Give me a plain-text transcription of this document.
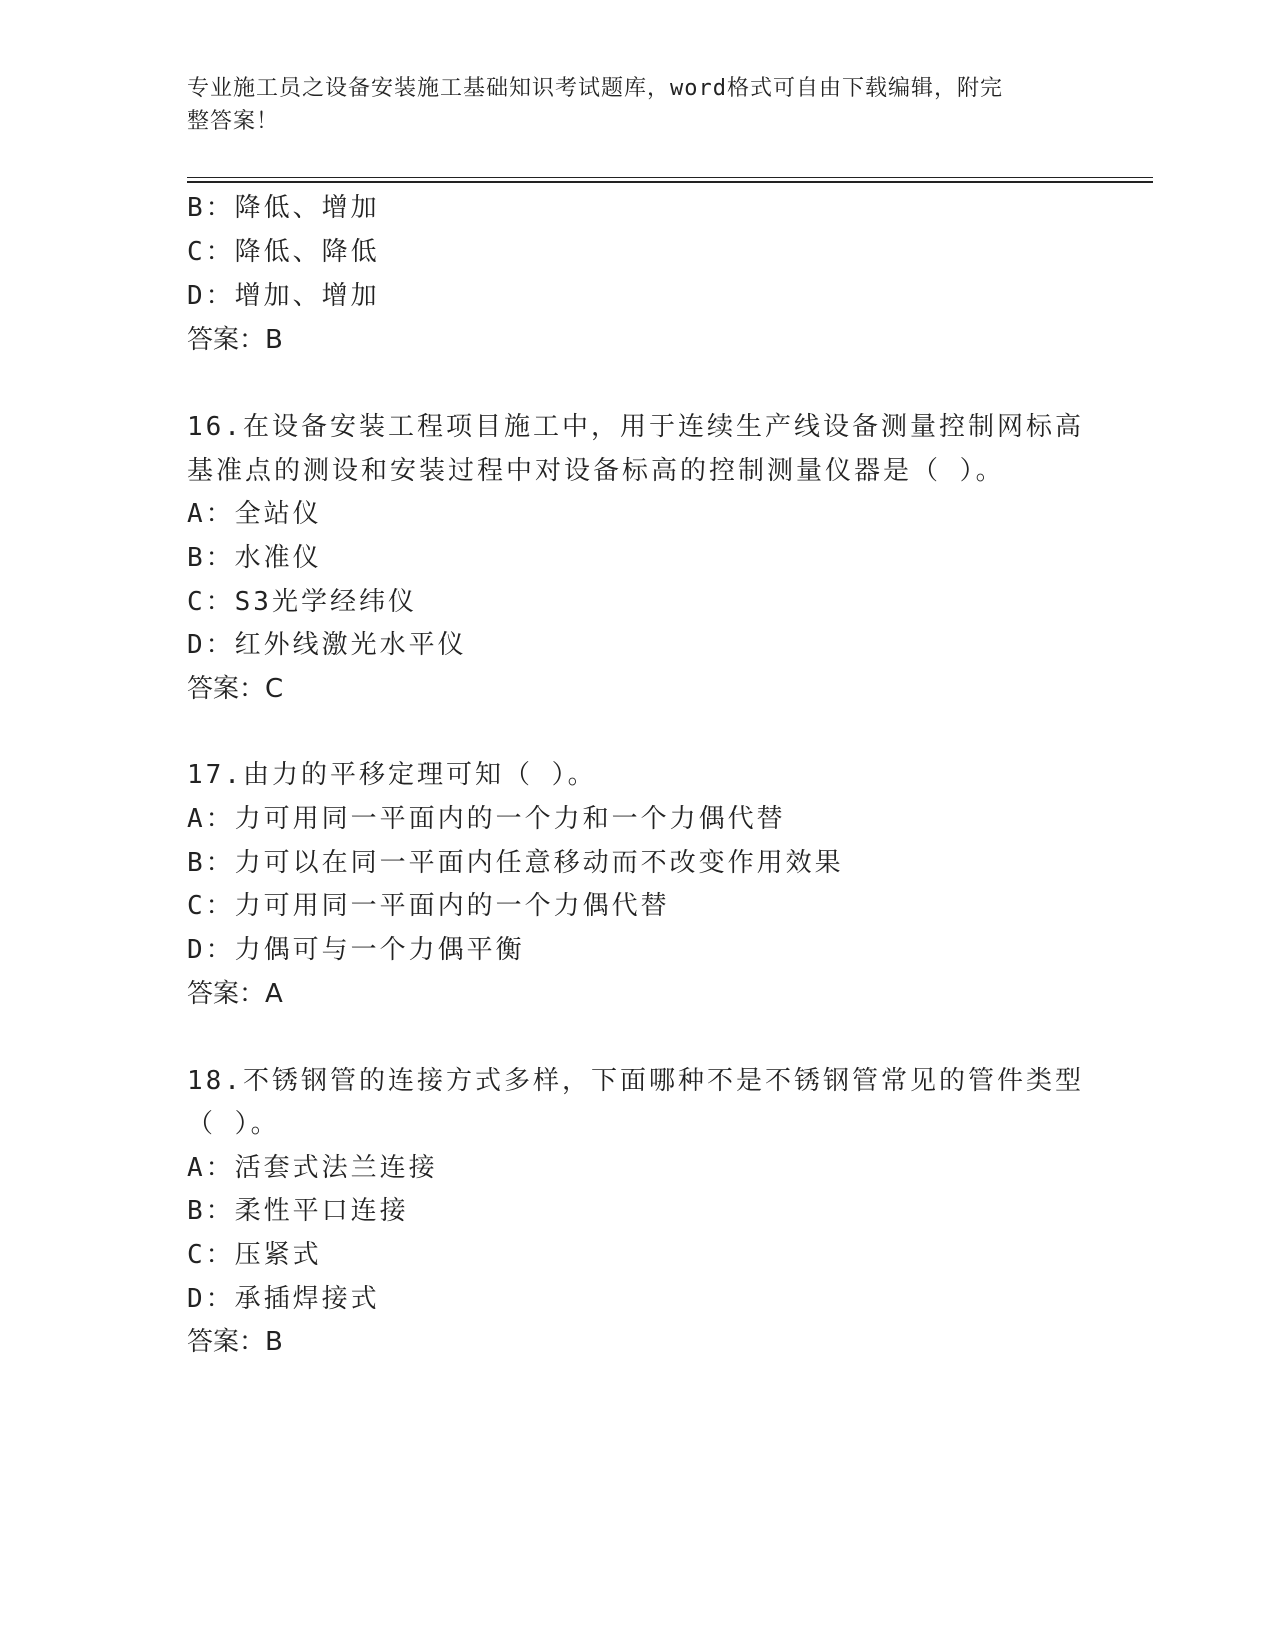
专业施工员之设备安装施工基础知识考试题库，word格式可自由下载编辑，附完
整答案！
B：降低、增加
C：降低、降低
D：增加、增加
答案：B
16.在设备安装工程项目施工中，用于连续生产线设备测量控制网标高
基准点的测设和安装过程中对设备标高的控制测量仪器是（ ）。
A：全站仪
B：水准仪
C：S3光学经纬仪
D：红外线激光水平仪
答案：C
17.由力的平移定理可知（ ）。
A：力可用同一平面内的一个力和一个力偶代替
B：力可以在同一平面内任意移动而不改变作用效果
C：力可用同一平面内的一个力偶代替
D：力偶可与一个力偶平衡
答案：A
18.不锈钢管的连接方式多样，下面哪种不是不锈钢管常见的管件类型
（ ）。
A：活套式法兰连接
B：柔性平口连接
C：压紧式
D：承插焊接式
答案：B
